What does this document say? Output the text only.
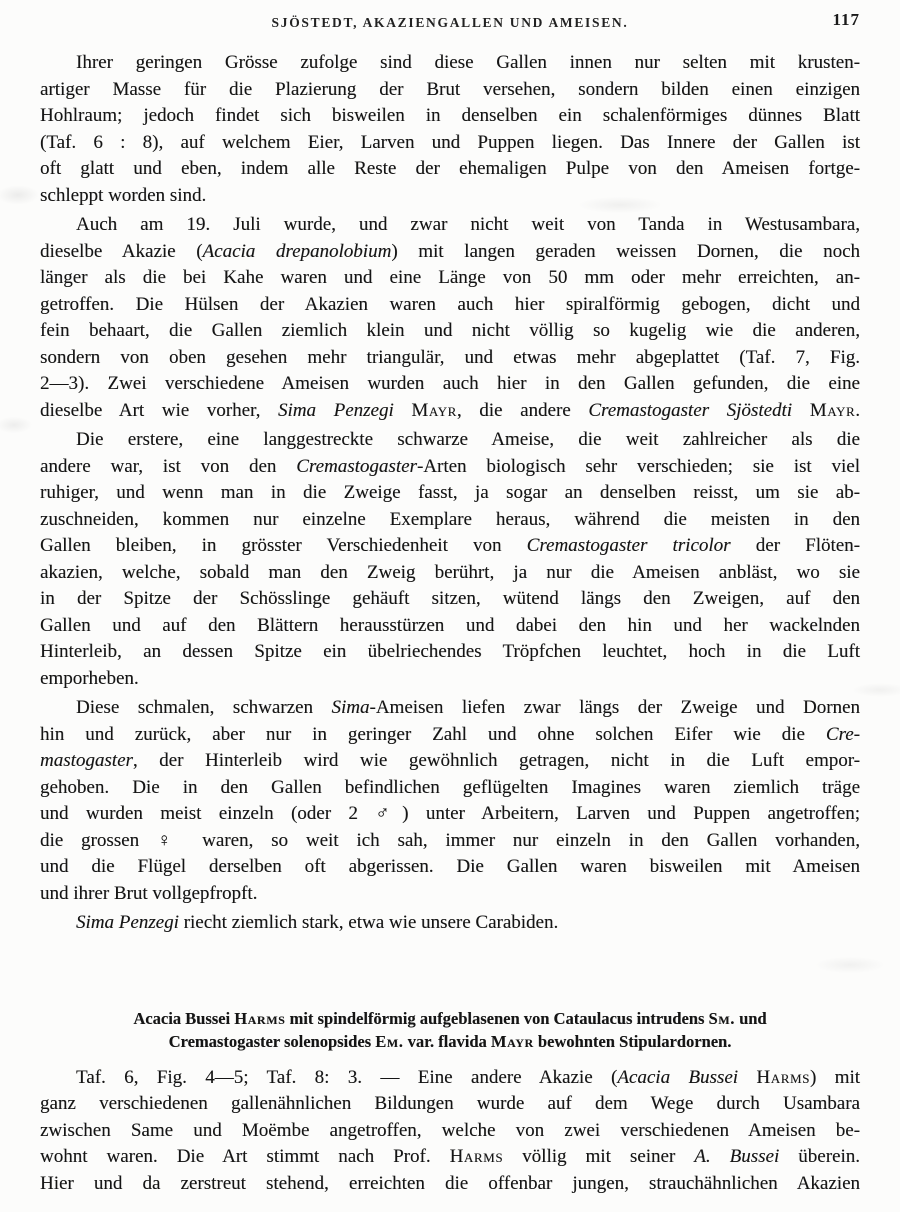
SJÖSTEDT, AKAZIENGALLEN UND AMEISEN.	117
Ihrer geringen Grösse zufolge sind diese Gallen innen nur selten mit krusten-
artiger Masse für die Plazierung der Brut versehen, sondern bilden einen einzigen
Hohlraum; jedoch findet sich bisweilen in denselben ein schalenförmiges dünnes Blatt
(Taf. 6 : 8), auf welchem Eier, Larven und Puppen liegen. Das Innere der Gallen ist
oft glatt und eben, indem alle Reste der ehemaligen Pulpe von den Ameisen fortge-
schleppt worden sind.
Auch am 19. Juli wurde, und zwar nicht weit von Tanda in Westusambara,
dieselbe Akazie (Acacia drepanolobium) mit langen geraden weissen Dornen, die noch
länger als die bei Kahe waren und eine Länge von 50 mm oder mehr erreichten, an-
getroffen. Die Hülsen der Akazien waren auch hier spiralförmig gebogen, dicht und
fein behaart, die Gallen ziemlich klein und nicht völlig so kugelig wie die anderen,
sondern von oben gesehen mehr triangulär, und etwas mehr abgeplattet (Taf. 7, Fig.
2—3). Zwei verschiedene Ameisen wurden auch hier in den Gallen gefunden, die eine
dieselbe Art wie vorher, Sima Penzegi Mayr, die andere Cremastogaster Sjöstedti Mayr.
Die erstere, eine langgestreckte schwarze Ameise, die weit zahlreicher als die
andere war, ist von den Cremastogaster-Arten biologisch sehr verschieden; sie ist viel
ruhiger, und wenn man in die Zweige fasst, ja sogar an denselben reisst, um sie ab-
zuschneiden, kommen nur einzelne Exemplare heraus, während die meisten in den
Gallen bleiben, in grösster Verschiedenheit von Cremastogaster tricolor der Flöten-
akazien, welche, sobald man den Zweig berührt, ja nur die Ameisen anbläst, wo sie
in der Spitze der Schösslinge gehäuft sitzen, wütend längs den Zweigen, auf den
Gallen und auf den Blättern herausstürzen und dabei den hin und her wackelnden
Hinterleib, an dessen Spitze ein übelriechendes Tröpfchen leuchtet, hoch in die Luft
emporheben.
Diese schmalen, schwarzen Sima-Ameisen liefen zwar längs der Zweige und Dornen
hin und zurück, aber nur in geringer Zahl und ohne solchen Eifer wie die Cre-
mastogaster, der Hinterleib wird wie gewöhnlich getragen, nicht in die Luft empor-
gehoben. Die in den Gallen befindlichen geflügelten Imagines waren ziemlich träge
und wurden meist einzeln (oder 2 ♂) unter Arbeitern, Larven und Puppen angetroffen;
die grossen ♀ waren, so weit ich sah, immer nur einzeln in den Gallen vorhanden,
und die Flügel derselben oft abgerissen. Die Gallen waren bisweilen mit Ameisen
und ihrer Brut vollgepfropft.
Sima Penzegi riecht ziemlich stark, etwa wie unsere Carabiden.
Acacia Bussei Harms mit spindelförmig aufgeblasenen von Cataulacus intrudens Sm. und
Cremastogaster solenopsides Em. var. flavida Mayr bewohnten Stipulardornen.
Taf. 6, Fig. 4—5; Taf. 8: 3. — Eine andere Akazie (Acacia Bussei Harms) mit
ganz verschiedenen gallenähnlichen Bildungen wurde auf dem Wege durch Usambara
zwischen Same und Moëmbe angetroffen, welche von zwei verschiedenen Ameisen be-
wohnt waren. Die Art stimmt nach Prof. Harms völlig mit seiner A. Bussei überein.
Hier und da zerstreut stehend, erreichten die offenbar jungen, strauchähnlichen Akazien
